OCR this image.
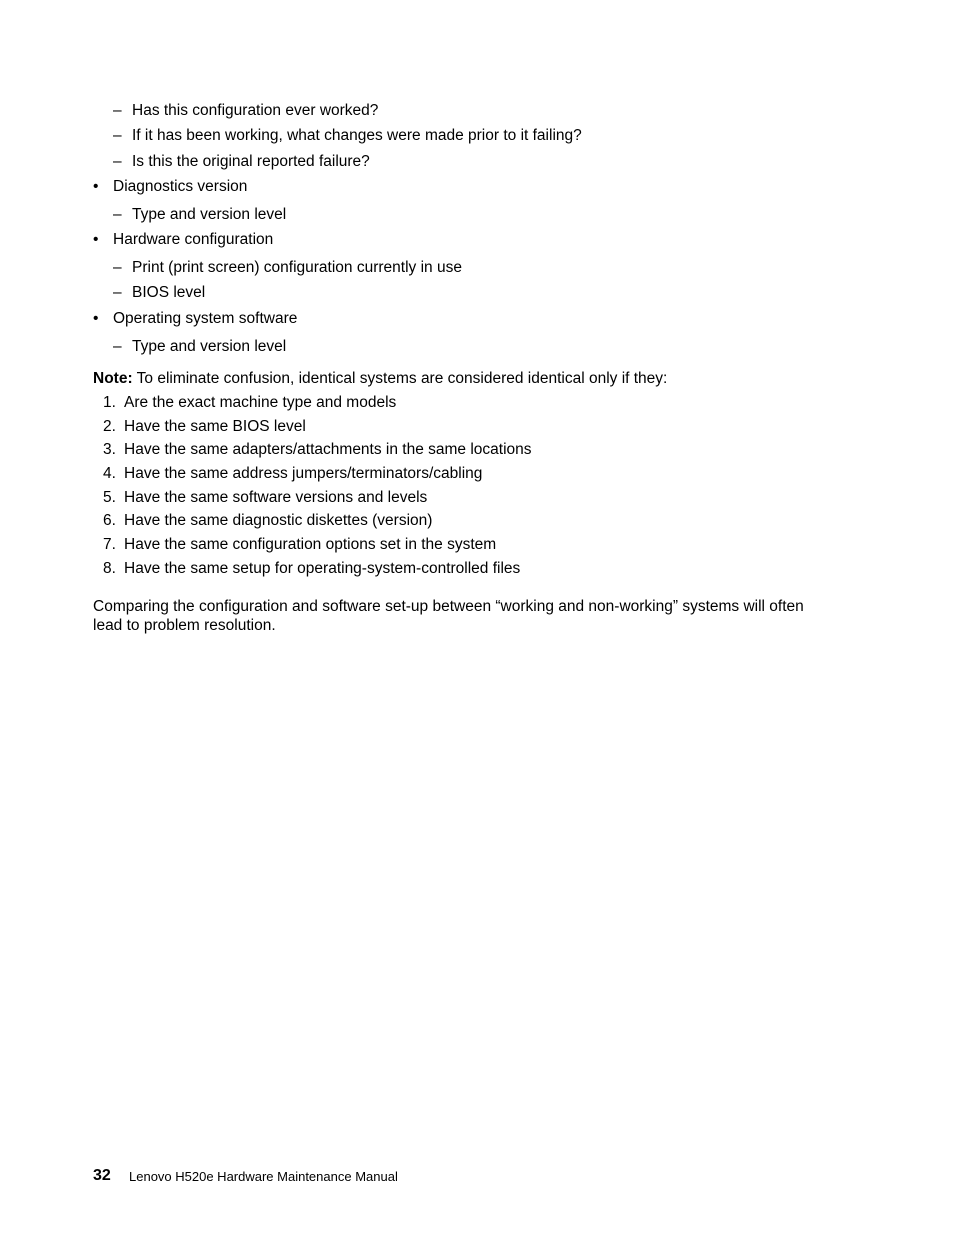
– Has this configuration ever worked?
– If it has been working, what changes were made prior to it failing?
– Is this the original reported failure?
• Diagnostics version
– Type and version level
• Hardware configuration
– Print (print screen) configuration currently in use
– BIOS level
• Operating system software
– Type and version level
Note: To eliminate confusion, identical systems are considered identical only if they:
1. Are the exact machine type and models
2. Have the same BIOS level
3. Have the same adapters/attachments in the same locations
4. Have the same address jumpers/terminators/cabling
5. Have the same software versions and levels
6. Have the same diagnostic diskettes (version)
7. Have the same configuration options set in the system
8. Have the same setup for operating-system-controlled files
Comparing the configuration and software set-up between “working and non-working” systems will often lead to problem resolution.
32 Lenovo H520e Hardware Maintenance Manual
